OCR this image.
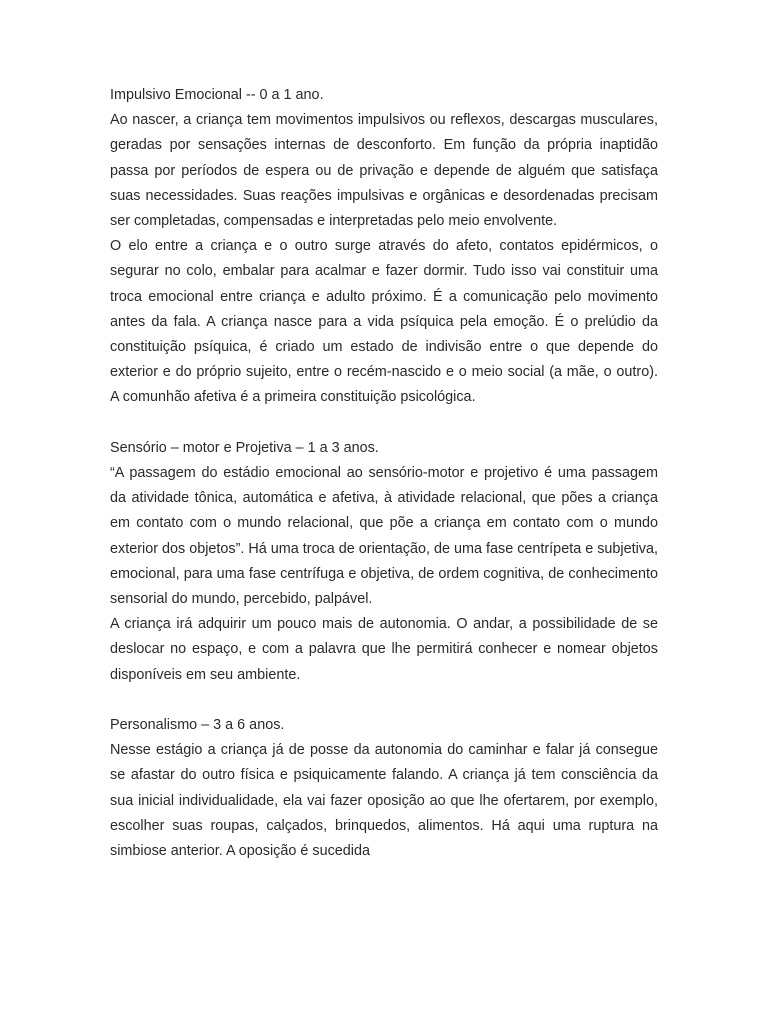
Impulsivo Emocional -- 0 a 1 ano.

Ao nascer, a criança tem movimentos impulsivos ou reflexos, descargas musculares, geradas por sensações internas de desconforto. Em função da própria inaptidão passa por períodos de espera ou de privação e depende de alguém que satisfaça suas necessidades. Suas reações impulsivas e orgânicas e desordenadas precisam ser completadas, compensadas e interpretadas pelo meio envolvente.

O elo entre a criança e o outro surge através do afeto, contatos epidérmicos, o segurar no colo, embalar para acalmar e fazer dormir. Tudo isso vai constituir uma troca emocional entre criança e adulto próximo. É a comunicação pelo movimento antes da fala. A criança nasce para a vida psíquica pela emoção. É o prelúdio da constituição psíquica, é criado um estado de indivisão entre o que depende do exterior e do próprio sujeito, entre o recém-nascido e o meio social (a mãe, o outro). A comunhão afetiva é a primeira constituição psicológica.

Sensório – motor e Projetiva – 1 a 3 anos.

“A passagem do estádio emocional ao sensório-motor e projetivo é uma passagem da atividade tônica, automática e afetiva, à atividade relacional, que pões a criança em contato com o mundo relacional, que põe a criança em contato com o mundo exterior dos objetos”. Há uma troca de orientação, de uma fase centrípeta e subjetiva, emocional, para uma fase centrífuga e objetiva, de ordem cognitiva, de conhecimento sensorial do mundo, percebido, palpável.

A criança irá adquirir um pouco mais de autonomia. O andar, a possibilidade de se deslocar no espaço, e com a palavra que lhe permitirá conhecer e nomear objetos disponíveis em seu ambiente.

Personalismo – 3 a 6 anos.

Nesse estágio a criança já de posse da autonomia do caminhar e falar já consegue se afastar do outro física e psiquicamente falando. A criança já tem consciência da sua inicial individualidade, ela vai fazer oposição ao que lhe ofertarem, por exemplo, escolher suas roupas, calçados, brinquedos, alimentos. Há aqui uma ruptura na simbiose anterior. A oposição é sucedida
